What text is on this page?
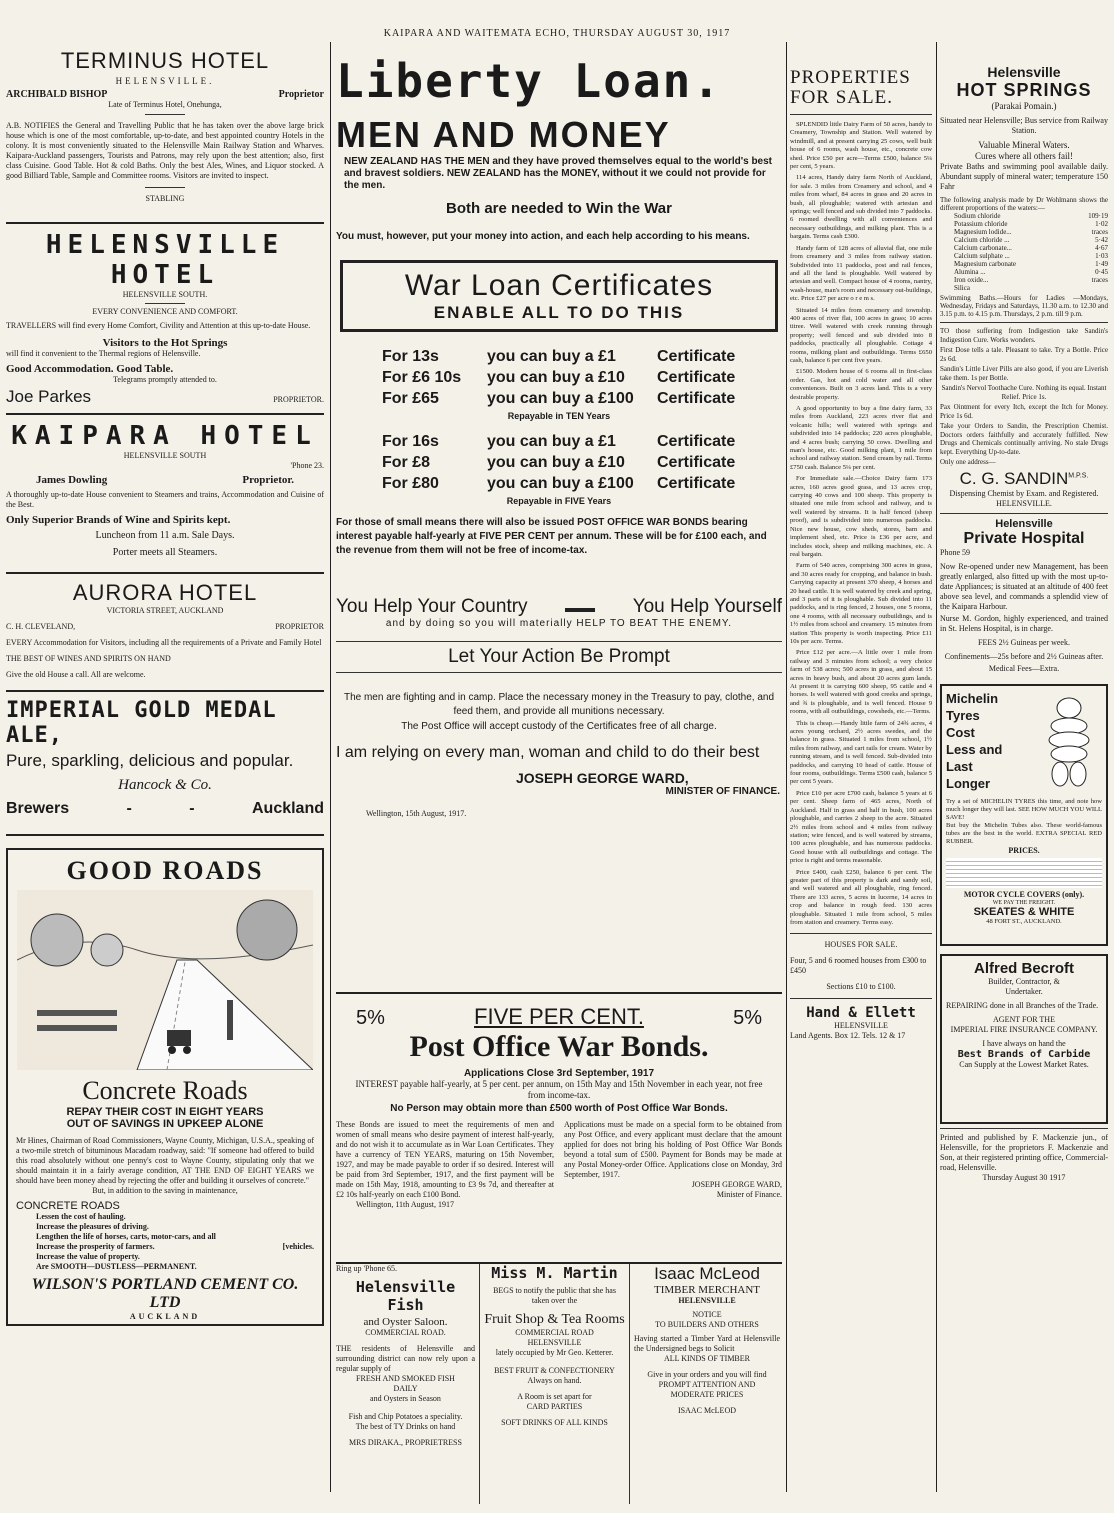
KAIPARA AND WAITEMATA ECHO, THURSDAY AUGUST 30, 1917
TERMINUS HOTEL
HELENSVILLE.
ARCHIBALD BISHOP	Proprietor
Late of Terminus Hotel, Onehunga,
A.B. NOTIFIES the General and Travelling Public that he has taken over the above large brick house which is one of the most comfortable, up-to-date, and best appointed country Hotels in the colony. It is most conveniently situated to the Helensville Main Railway Station and Wharves. Kaipara-Auckland passengers, Tourists and Patrons, may rely upon the best attention; also, first class Cuisine. Good Table. Hot & cold Baths. Only the best Ales, Wines, and Liquor stocked. A good Billiard Table, Sample and Committee rooms. Visitors are invited to inspect.
STABLING
HELENSVILLE HOTEL
HELENSVILLE SOUTH.
EVERY CONVENIENCE AND COMFORT.
TRAVELLERS will find every Home Comfort, Civility and Attention at this up-to-date House.
Visitors to the Hot Springs
will find it convenient to the Thermal regions of Helensville.
Good Accommodation. Good Table.
Telegrams promptly attended to.
Joe Parkes	PROPRIETOR.
KAIPARA HOTEL
HELENSVILLE SOUTH
'Phone 23.
James Dowling	Proprietor.
A thoroughly up-to-date House convenient to Steamers and trains, Accommodation and Cuisine of the Best.
Only Superior Brands of Wine and Spirits kept.
Luncheon from 11 a.m. Sale Days.
Porter meets all Steamers.
AURORA HOTEL
VICTORIA STREET, AUCKLAND
C. H. CLEVELAND,	PROPRIETOR
EVERY Accommodation for Visitors, including all the requirements of a Private and Family Hotel
THE BEST OF WINES AND SPIRITS ON HAND
Give the old House a call. All are welcome.
IMPERIAL GOLD MEDAL ALE,
Pure, sparkling, delicious and popular.
Hancock & Co.
Brewers	-	-	Auckland
GOOD ROADS
Concrete Roads
REPAY THEIR COST IN EIGHT YEARS
OUT OF SAVINGS IN UPKEEP ALONE
Mr Hines, Chairman of Road Commissioners, Wayne County, Michigan, U.S.A., speaking of a two-mile stretch of bituminous Macadam roadway, said: "If someone had offered to build this road absolutely without one penny's cost to Wayne County, stipulating only that we should maintain it in a fairly average condition, AT THE END OF EIGHT YEARS we should have been money ahead by rejecting the offer and building it ourselves of concrete."
But, in addition to the saving in maintenance,
CONCRETE ROADS
Lessen the cost of hauling.
Increase the pleasures of driving.
Lengthen the life of horses, carts, motor-cars, and all
Increase the prosperity of farmers.	[vehicles.
Increase the value of property.
Are SMOOTH—DUSTLESS—PERMANENT.
WILSON'S PORTLAND CEMENT CO. LTD
AUCKLAND
Liberty Loan.
MEN AND MONEY
NEW ZEALAND HAS THE MEN and they have proved themselves equal to the world's best and bravest soldiers. NEW ZEALAND has the MONEY, without it we could not provide for the men.
Both are needed to Win the War
You must, however, put your money into action, and each help according to his means.
War Loan Certificates
ENABLE ALL TO DO THIS
For 13s	you can buy a £1	Certificate
For £6 10s	you can buy a £10	Certificate
For £65	you can buy a £100	Certificate
Repayable in TEN Years
For 16s	you can buy a £1	Certificate
For £8	you can buy a £10	Certificate
For £80	you can buy a £100	Certificate
Repayable in FIVE Years
For those of small means there will also be issued POST OFFICE WAR BONDS bearing interest payable half-yearly at FIVE PER CENT per annum. These will be for £100 each, and the revenue from them will not be free of income-tax.
You Help Your Country	You Help Yourself
and by doing so you will materially HELP TO BEAT THE ENEMY.
Let Your Action Be Prompt
The men are fighting and in camp. Place the necessary money in the Treasury to pay, clothe, and feed them, and provide all munitions necessary.
The Post Office will accept custody of the Certificates free of all charge.
I am relying on every man, woman and child to do their best
JOSEPH GEORGE WARD,
MINISTER OF FINANCE.
Wellington, 15th August, 1917.
5%	FIVE PER CENT.	5%
Post Office War Bonds.
Applications Close 3rd September, 1917
INTEREST payable half-yearly, at 5 per cent. per annum, on 15th May and 15th November in each year, not free from income-tax.
No Person may obtain more than £500 worth of Post Office War Bonds.
These Bonds are issued to meet the requirements of men and women of small means who desire payment of interest half-yearly, and do not wish it to accumulate as in War Loan Certificates. They have a currency of TEN YEARS, maturing on 15th November, 1927, and may be made payable to order if so desired. Interest will be paid from 3rd September, 1917, and the first payment will be made on 15th May, 1918, amounting to £3 9s 7d, and thereafter at £2 10s half-yearly on each £100 Bond.
Wellington, 11th August, 1917
Applications must be made on a special form to be obtained from any Post Office, and every applicant must declare that the amount applied for does not bring his holding of Post Office War Bonds beyond a total sum of £500. Payment for Bonds may be made at any Postal Money-order Office. Applications close on Monday, 3rd September, 1917.
JOSEPH GEORGE WARD,
Minister of Finance.
Ring up 'Phone 65.
Helensville Fish
and Oyster Saloon.
COMMERCIAL ROAD.
THE residents of Helensville and surrounding district can now rely upon a regular supply of
FRESH AND SMOKED FISH
DAILY
and Oysters in Season
Fish and Chip Potatoes a speciality.
The best of TY Drinks on hand
MRS DIRAKA., PROPRIETRESS
Miss M. Martin
BEGS to notify the public that she has taken over the
Fruit Shop & Tea Rooms
COMMERCIAL ROAD
HELENSVILLE
lately occupied by Mr Geo. Ketterer.
BEST FRUIT & CONFECTIONERY
Always on hand.
A Room is set apart for
CARD PARTIES
SOFT DRINKS OF ALL KINDS
Isaac McLeod
TIMBER MERCHANT
HELENSVILLE
NOTICE
TO BUILDERS AND OTHERS
Having started a Timber Yard at Helensville the Undersigned begs to Solicit
ALL KINDS OF TIMBER
Give in your orders and you will find
PROMPT ATTENTION AND
MODERATE PRICES
ISAAC McLEOD
PROPERTIES FOR SALE.

SPLENDID little Dairy Farm of 50 acres, handy to Creamery, Township and Station. Well watered by windmill, and at present carrying 25 cows, well built house of 6 rooms, wash house, etc., concrete cow shed. Price £50 per acre—Terms £500, balance 5¼ per cent, 5 years.

114 acres, Handy dairy farm North of Auckland, for sale. 3 miles from Creamery and school, and 4 miles from wharf, 84 acres in grass and 20 acres in bush, all ploughable; watered with artesian and springs; well fenced and sub divided into 7 paddocks. 6 roomed dwelling with all conveniences and necessary outbuildings, and milking plant. This is a bargain. Terms cash £300.

Handy farm of 128 acres of alluvial flat, one mile from creamery and 3 miles from railway station. Subdivided into 11 paddocks, post and rail fences, and all the land is ploughable. Well watered by artesian and well. Compact house of 4 rooms, nantry, wash-house, man's room and necessary out-buildings, etc. Price £27 per acre o r e m s.

Situated 14 miles from creamery and township. 400 acres of river flat, 100 acres in grass; 10 acres titree. Well watered with creek running through property; well fenced and sub divided into 8 paddocks, practically all ploughable. Cottage 4 rooms, milking plant and outbuildings. Terms £650 cash, balance 6 per cent five years.

£1500. Modern house of 6 rooms all in first-class order. Gas, hot and cold water and all other conveniences. Built on 3 acres land. This is a very desirable property.

A good opportunity to buy a fine dairy farm, 33 miles from Auckland, 223 acres river flat and volcanic hills; well watered with springs and subdivided into 14 paddocks; 220 acres ploughable, and 4 acres bush; carrying 50 cows. Dwelling and man's house, etc. Good milking plant, 1 mile from school and railway station. Send cream by rail. Terms £750 cash. Balance 5¼ per cent.

For Immediate sale.—Choice Dairy farm 173 acres, 160 acres good grass, and 13 acres crop, carrying 40 cows and 100 sheep. This property is situated one mile from school and railway, and is well watered by streams. It is half fenced (sheep proof), and is subdivided into numerous paddocks. Nice new house, cow sheds, stores, barn and implement shed, etc. Price is £36 per acre, and includes stock, sheep and milking machines, etc. A real bargain.

Farm of 540 acres, comprising 300 acres in grass, and 30 acres ready for cropping, and balance in bush. Carrying capacity at present 370 sheep, 4 horses and 20 head cattle. It is well watered by creek and spring, and 3 parts of it is ploughable. Sub divided into 11 paddocks, and is ring fenced, 2 houses, one 5 rooms, one 4 rooms, with all necessary outbuildings, and is 1½ miles from school and creamery. 15 minutes from station This property is worth inspecting. Price £11 10s per acre. Terms.

Price £12 per acre.—A little over 1 mile from railway and 3 minutes from school; a very choice farm of 538 acres; 500 acres in grass, and about 15 acres in heavy bush, and about 20 acres gum lands. At present it is carrying 600 sheep, 95 cattle and 4 horses. Is well watered with good creeks and springs, and ¾ is ploughable, and is well fenced. House 9 rooms, with all outbuildings, cowsheds, etc.—Terms.

This is cheap.—Handy little farm of 24¾ acres, 4 acres young orchard, 2½ acres swedes, and the balance in grass. Situated 1 miles from school, 1½ miles from railway, and cart rails for cream. Water by running stream, and is well fenced. Sub-divided into paddocks, and carrying 10 head of cattle. House of four rooms, outbuildings. Terms £500 cash, balance 5 per cent 5 years.

Price £10 per acre £700 cash, balance 5 years at 6 per cent. Sheep farm of 465 acres, North of Auckland. Half in grass and half in bush, 100 acres ploughable, and carries 2 sheep to the acre. Situated 2½ miles from school and 4 miles from railway station; wire fenced, and is well watered by streams, 100 acres ploughable, and has numerous paddocks. Good house with all outbuildings and cottage. The price is right and terms reasonable.

Price £400, cash £250, balance 6 per cent. The greater part of this property is dark and sandy soil, and well watered and all ploughable, ring fenced. There are 133 acres, 5 acres in lucerne, 14 acres in crop and balance in rough feed. 130 acres ploughable. Situated 1 mile from school, 5 miles from station and creamery. Terms easy.

HOUSES FOR SALE.
Four, 5 and 6 roomed houses from £300 to £450
Sections £10 to £100.
Hand & Ellett
HELENSVILLE
Land Agents. Box 12. Tels. 12 & 17
Helensville
HOT SPRINGS
(Parakai Pomain.)
Situated near Helensville; Bus service from Railway Station.
Valuable Mineral Waters.
Cures where all others fail!
Private Baths and swimming pool available daily. Abundant supply of mineral water; temperature 150 Fahr
The following analysis made by Dr Wohlmann shows the different proportions of the waters:—
Sodium chloride	109·19
Potassium chloride	1·02
Magnesium lodide...	traces
Calcium chloride ...	5·42
Calcium carbonate...	4·67
Calcium sulphate ...	1·03
Magnesium carbonate	1·49
Alumina ...	0·45
Iron oxide...	traces
Silica
Swimming Baths.—Hours for Ladies —Mondays, Wednesday, Fridays and Saturdays, 11.30 a.m. to 12.30 and 3.15 p.m. to 4.15 p.m. Thursdays, 2 p.m. till 9 p.m.

TO those suffering from Indigestion take Sandin's Indigestion Cure. Works wonders.

First Dose tells a tale. Pleasant to take. Try a Bottle. Price 2s 6d.

Sandin's Little Liver Pills are also good, if you are Liverish take them. 1s per Bottle.

Sandin's Nervol Toothache Cure. Nothing its equal. Instant Relief. Price 1s.

Pax Ointment for every Itch, except the Itch for Money. Price 1s 6d.

Take your Orders to Sandin, the Prescription Chemist. Doctors orders faithfully and accurately fulfilled. New Drugs and Chemicals continually arriving. No stale Drugs kept. Everything Up-to-date.

Only one address—

C. G. $SANDIN^{M.P.S.}$
Dispensing Chemist by Exam. and Registered.
HELENSVILLE.
Helensville
Private Hospital
Phone 59
Now Re-opened under new Management, has been greatly enlarged, also fitted up with the most up-to-date Appliances; is situated at an altitude of 400 feet above sea level, and commands a splendid view of the Kaipara Harbour.
Nurse M. Gordon, highly experienced, and trained in St. Helens Hospital, is in charge.
FEES 2½ Guineas per week.
Confinements—25s before and 2½ Guineas after.
Medical Fees—Extra.
Michelin
Tyres
Cost
Less and
Last
Longer
Try a set of MICHELIN TYRES this time, and note how much longer they will last. SEE HOW MUCH YOU WILL SAVE!
But buy the Michelin Tubes also. These world-famous tubes are the best in the world. EXTRA SPECIAL RED RUBBER.
PRICES.
MOTOR CYCLE COVERS (only).
WE PAY THE FREIGHT.
SKEATES & WHITE
48 FORT ST., AUCKLAND.
Alfred Becroft
Builder, Contractor, &
Undertaker.
REPAIRING done in all Branches of the Trade.
AGENT FOR THE
IMPERIAL FIRE INSURANCE COMPANY.
I have always on hand the
Best Brands of Carbide
Can Supply at the Lowest Market Rates.
Printed and published by F. Mackenzie jun., of Helensville, for the proprietors F. Mackenzie and Son, at their registered printing office, Commercial-road, Helensville.
Thursday August 30 1917
